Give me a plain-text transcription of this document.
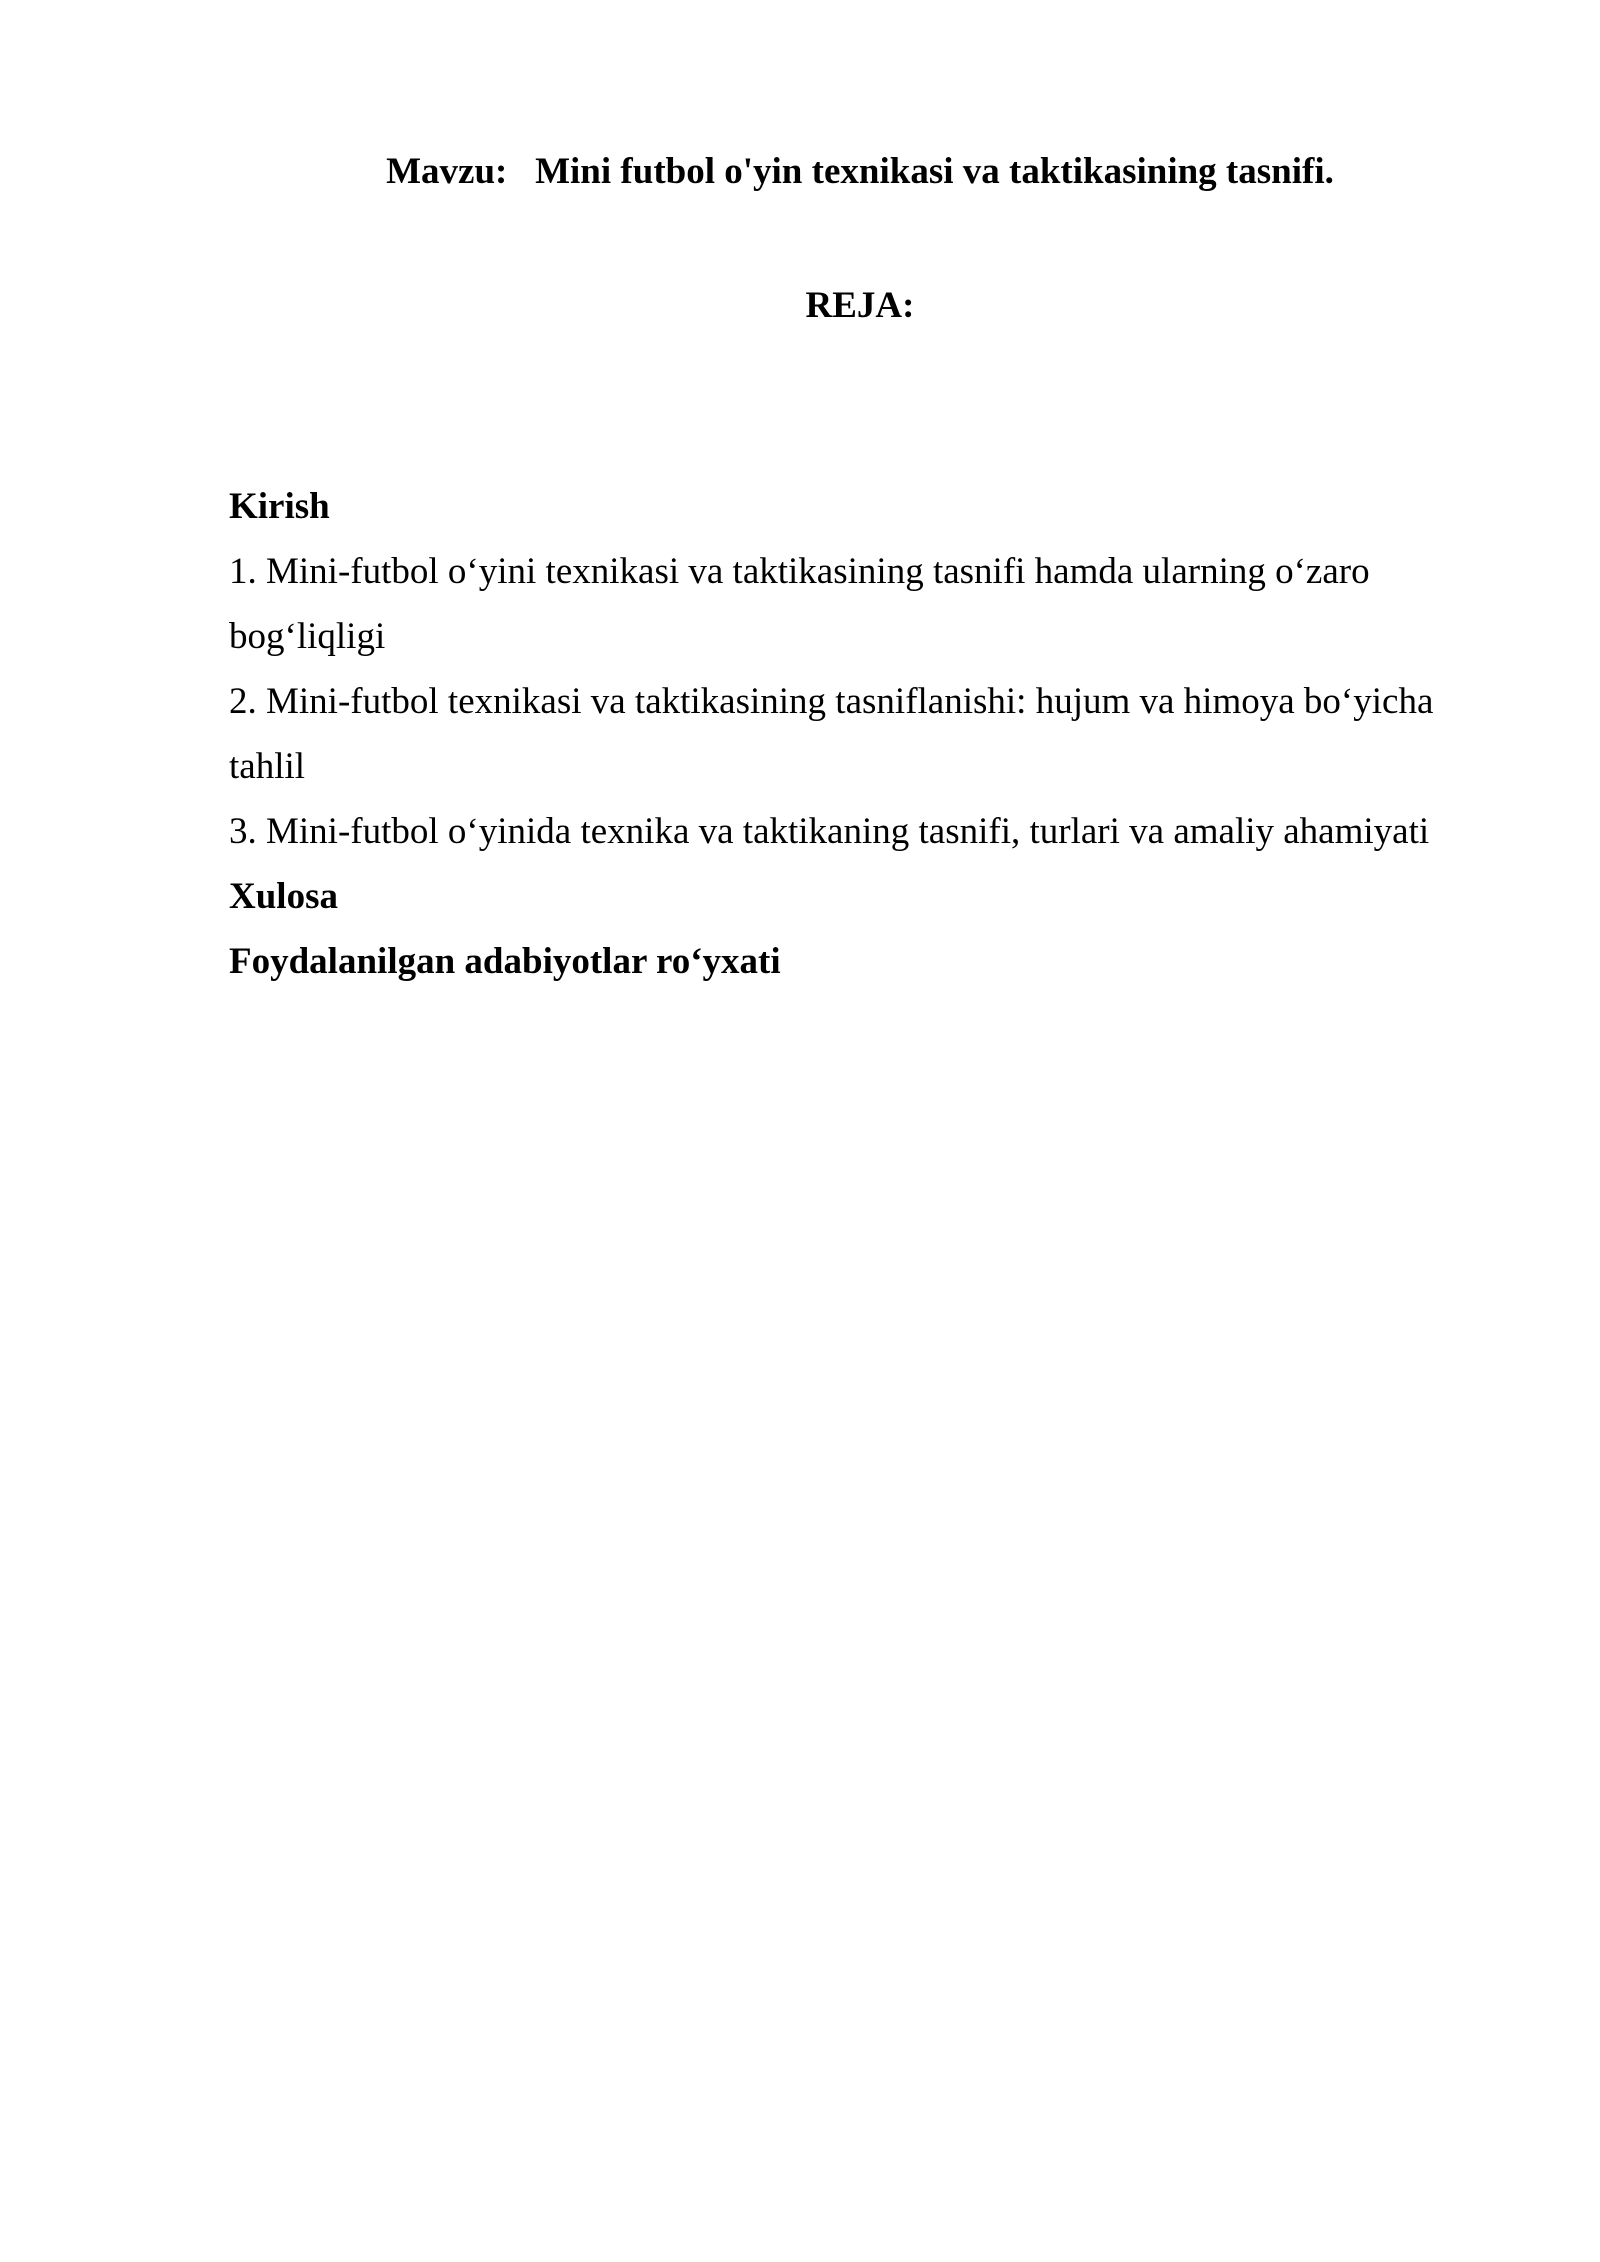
Mavzu: Mini futbol o'yin texnikasi va taktikasining tasnifi.
REJA:
Kirish
1. Mini-futbol o‘yini texnikasi va taktikasining tasnifi hamda ularning o‘zaro
bog‘liqligi
2. Mini-futbol texnikasi va taktikasining tasniflanishi: hujum va himoya bo‘yicha
tahlil
3. Mini-futbol o‘yinida texnika va taktikaning tasnifi, turlari va amaliy ahamiyati
Xulosa
Foydalanilgan adabiyotlar ro‘yxati
